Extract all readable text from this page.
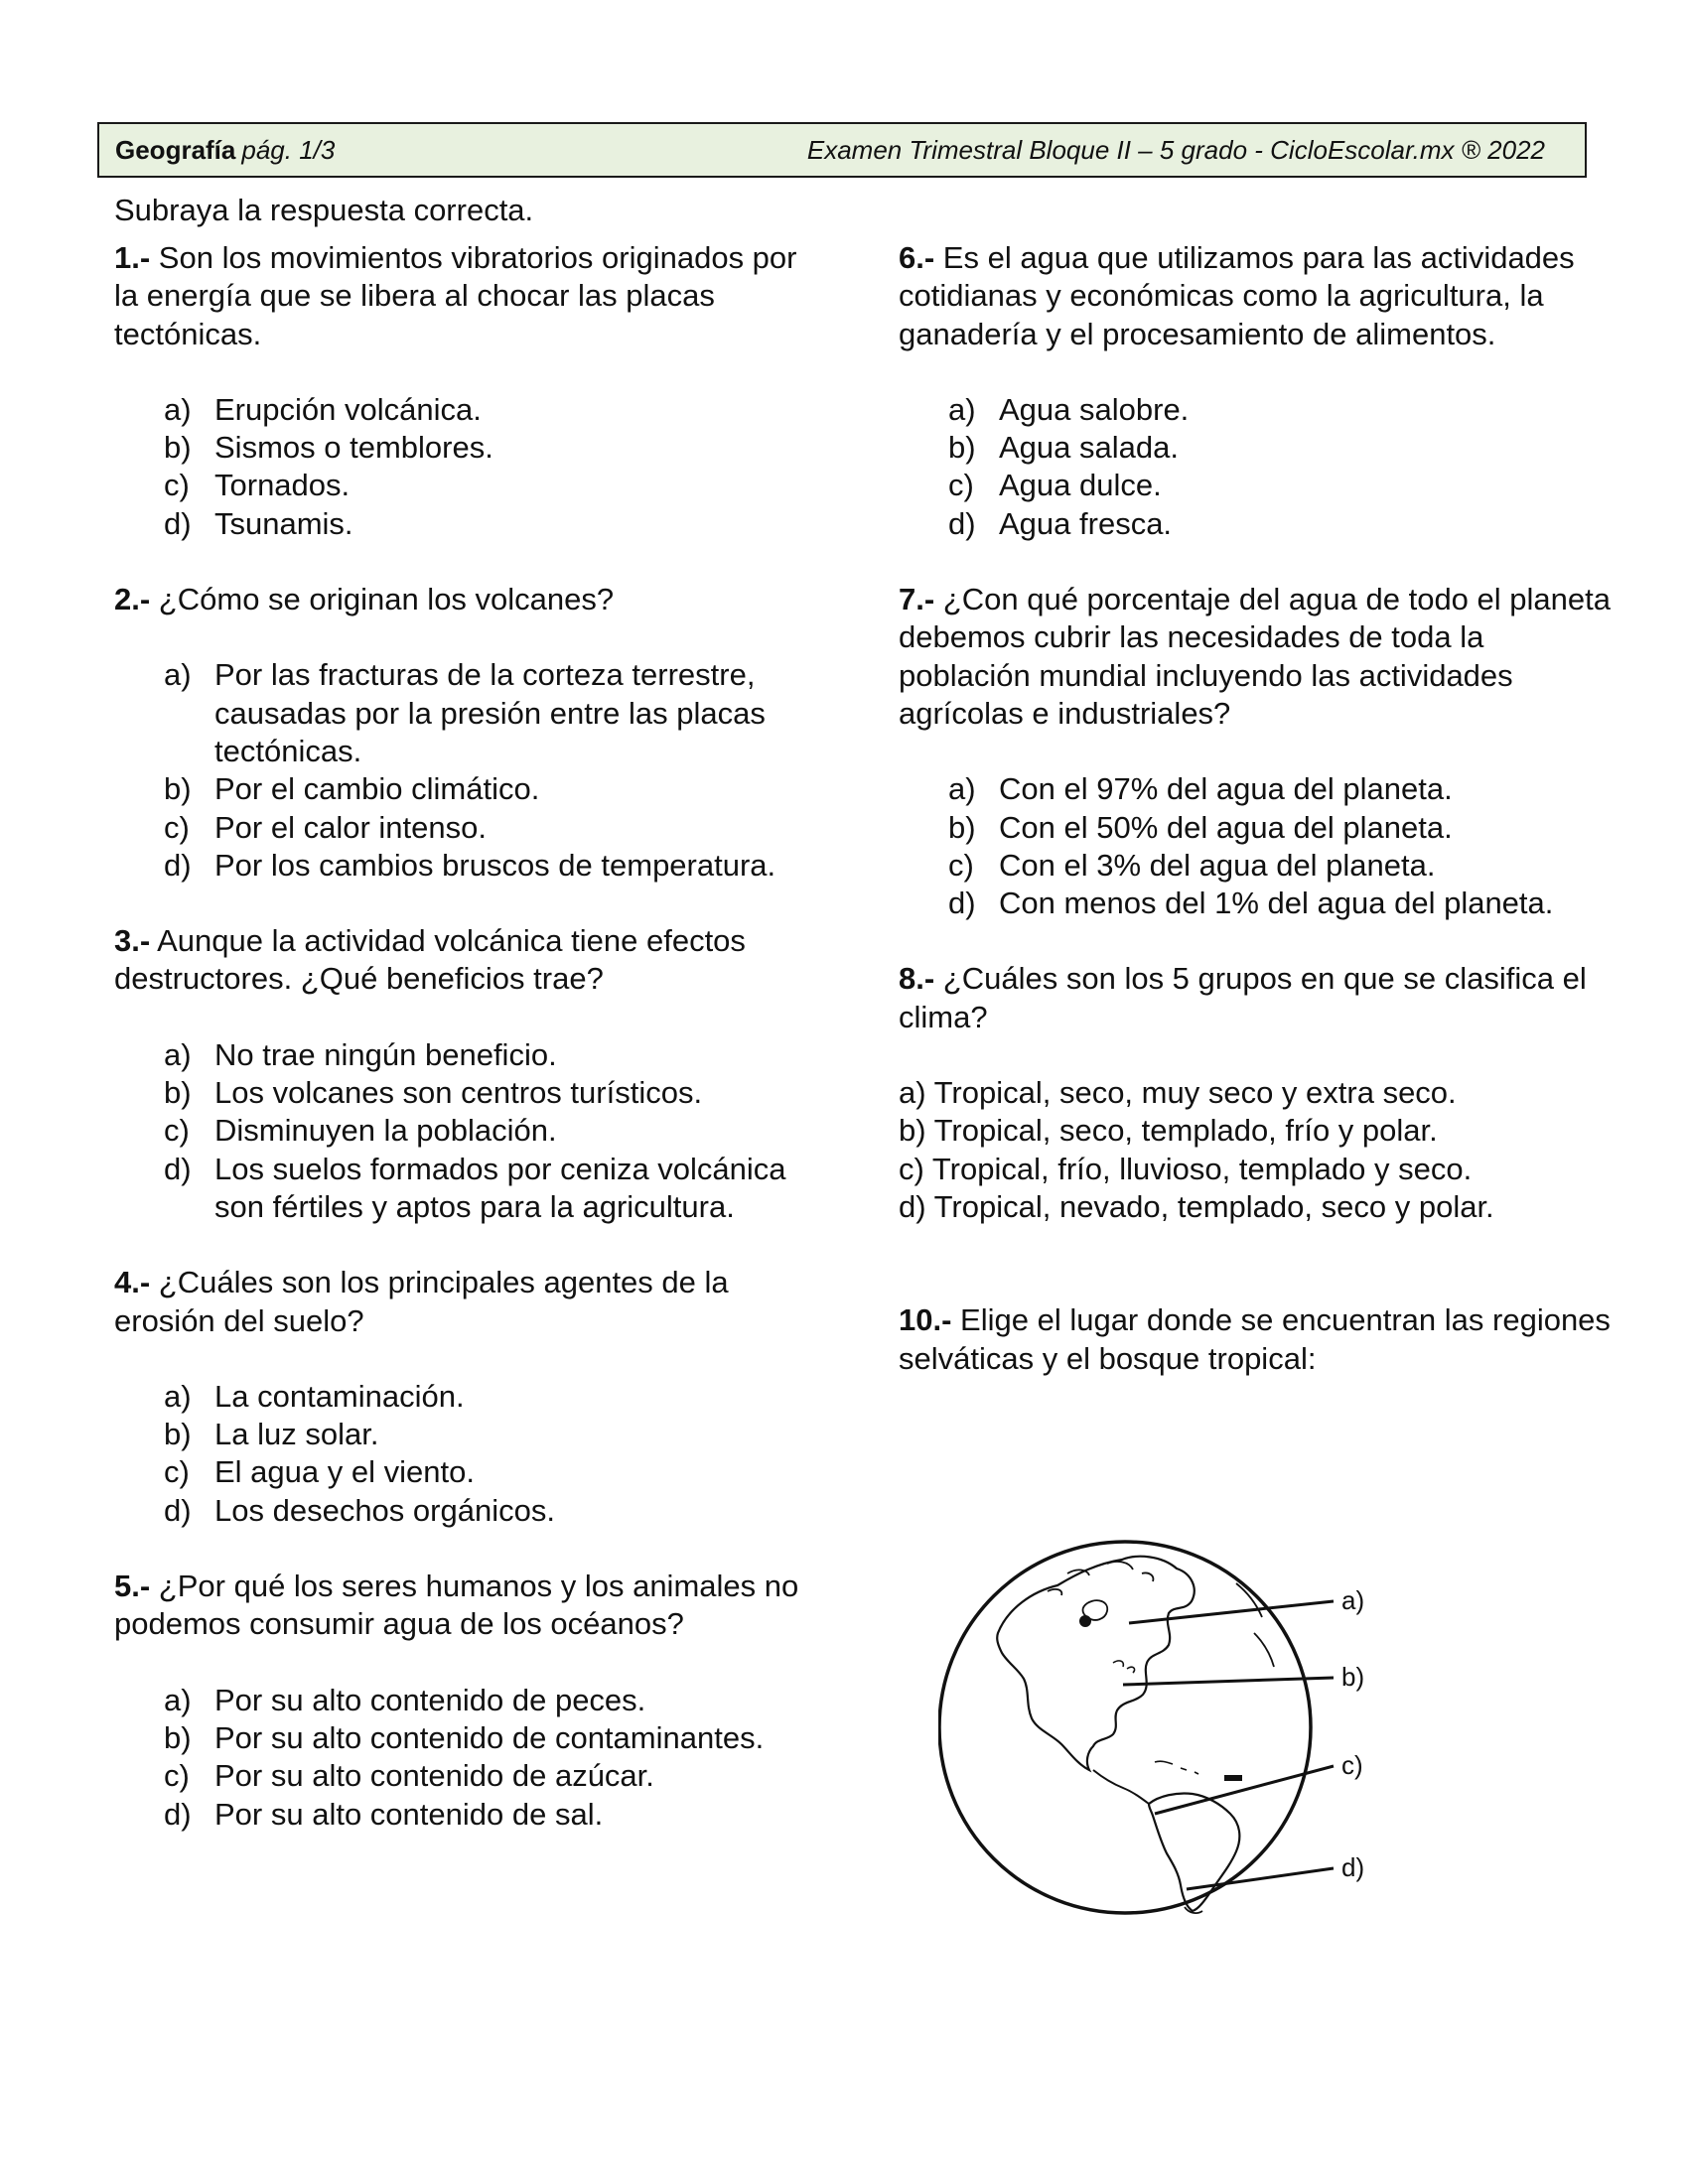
Geografía pág. 1/3	Examen Trimestral Bloque II – 5 grado - CicloEscolar.mx ® 2022
Subraya la respuesta correcta.

1.- Son los movimientos vibratorios originados por la energía que se libera al chocar las placas tectónicas.

a) Erupción volcánica.
b) Sismos o temblores.
c) Tornados.
d) Tsunamis.

2.- ¿Cómo se originan los volcanes?

a) Por las fracturas de la corteza terrestre, causadas por la presión entre las placas tectónicas.
b) Por el cambio climático.
c) Por el calor intenso.
d) Por los cambios bruscos de temperatura.

3.- Aunque la actividad volcánica tiene efectos destructores. ¿Qué beneficios trae?

a) No trae ningún beneficio.
b) Los volcanes son centros turísticos.
c) Disminuyen la población.
d) Los suelos formados por ceniza volcánica son fértiles y aptos para la agricultura.

4.- ¿Cuáles son los principales agentes de la erosión del suelo?

a) La contaminación.
b) La luz solar.
c) El agua y el viento.
d) Los desechos orgánicos.

5.- ¿Por qué los seres humanos y los animales no podemos consumir agua de los océanos?

a) Por su alto contenido de peces.
b) Por su alto contenido de contaminantes.
c) Por su alto contenido de azúcar.
d) Por su alto contenido de sal.

6.- Es el agua que utilizamos para las actividades cotidianas y económicas como la agricultura, la ganadería y el procesamiento de alimentos.

a) Agua salobre.
b) Agua salada.
c) Agua dulce.
d) Agua fresca.

7.- ¿Con qué porcentaje del agua de todo el planeta debemos cubrir las necesidades de toda la población mundial incluyendo las actividades agrícolas e industriales?

a) Con el 97% del agua del planeta.
b) Con el 50% del agua del planeta.
c) Con el 3% del agua del planeta.
d) Con menos del 1% del agua del planeta.

8.- ¿Cuáles son los 5 grupos en que se clasifica el clima?

a) Tropical, seco, muy seco y extra seco.
b) Tropical, seco, templado, frío y polar.
c) Tropical, frío, lluvioso, templado y seco.
d) Tropical, nevado, templado, seco y polar.

10.- Elige el lugar donde se encuentran las regiones selváticas y el bosque tropical:

a)
b)
c)
d)
